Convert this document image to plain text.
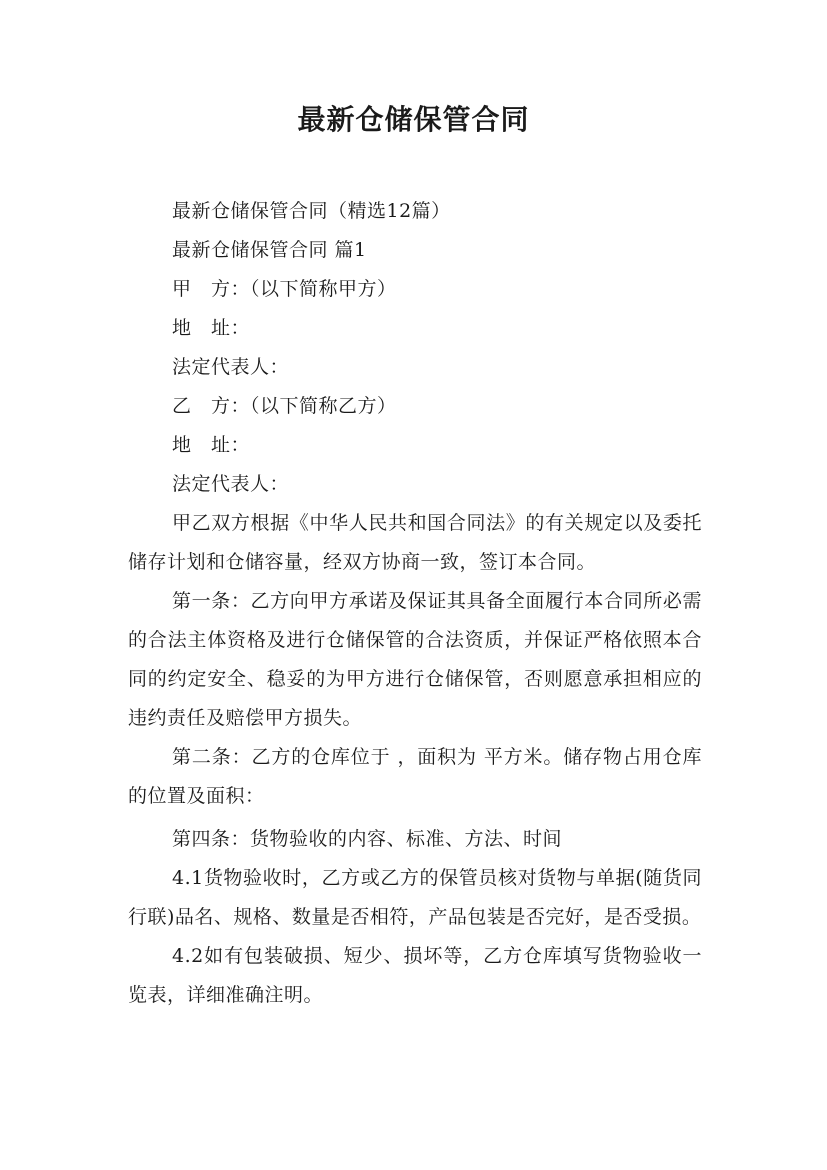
最新仓储保管合同
最新仓储保管合同（精选12篇）
最新仓储保管合同 篇1
甲　方：（以下简称甲方）
地　址：
法定代表人：
乙　方：（以下简称乙方）
地　址：
法定代表人：
甲乙双方根据《中华人民共和国合同法》的有关规定以及委托储存计划和仓储容量，经双方协商一致，签订本合同。
第一条：乙方向甲方承诺及保证其具备全面履行本合同所必需的合法主体资格及进行仓储保管的合法资质，并保证严格依照本合同的约定安全、稳妥的为甲方进行仓储保管，否则愿意承担相应的违约责任及赔偿甲方损失。
第二条：乙方的仓库位于 ，面积为 平方米。储存物占用仓库的位置及面积：
第四条：货物验收的内容、标准、方法、时间
4.1货物验收时，乙方或乙方的保管员核对货物与单据(随货同行联)品名、规格、数量是否相符，产品包装是否完好，是否受损。
4.2如有包装破损、短少、损坏等，乙方仓库填写货物验收一览表，详细准确注明。
